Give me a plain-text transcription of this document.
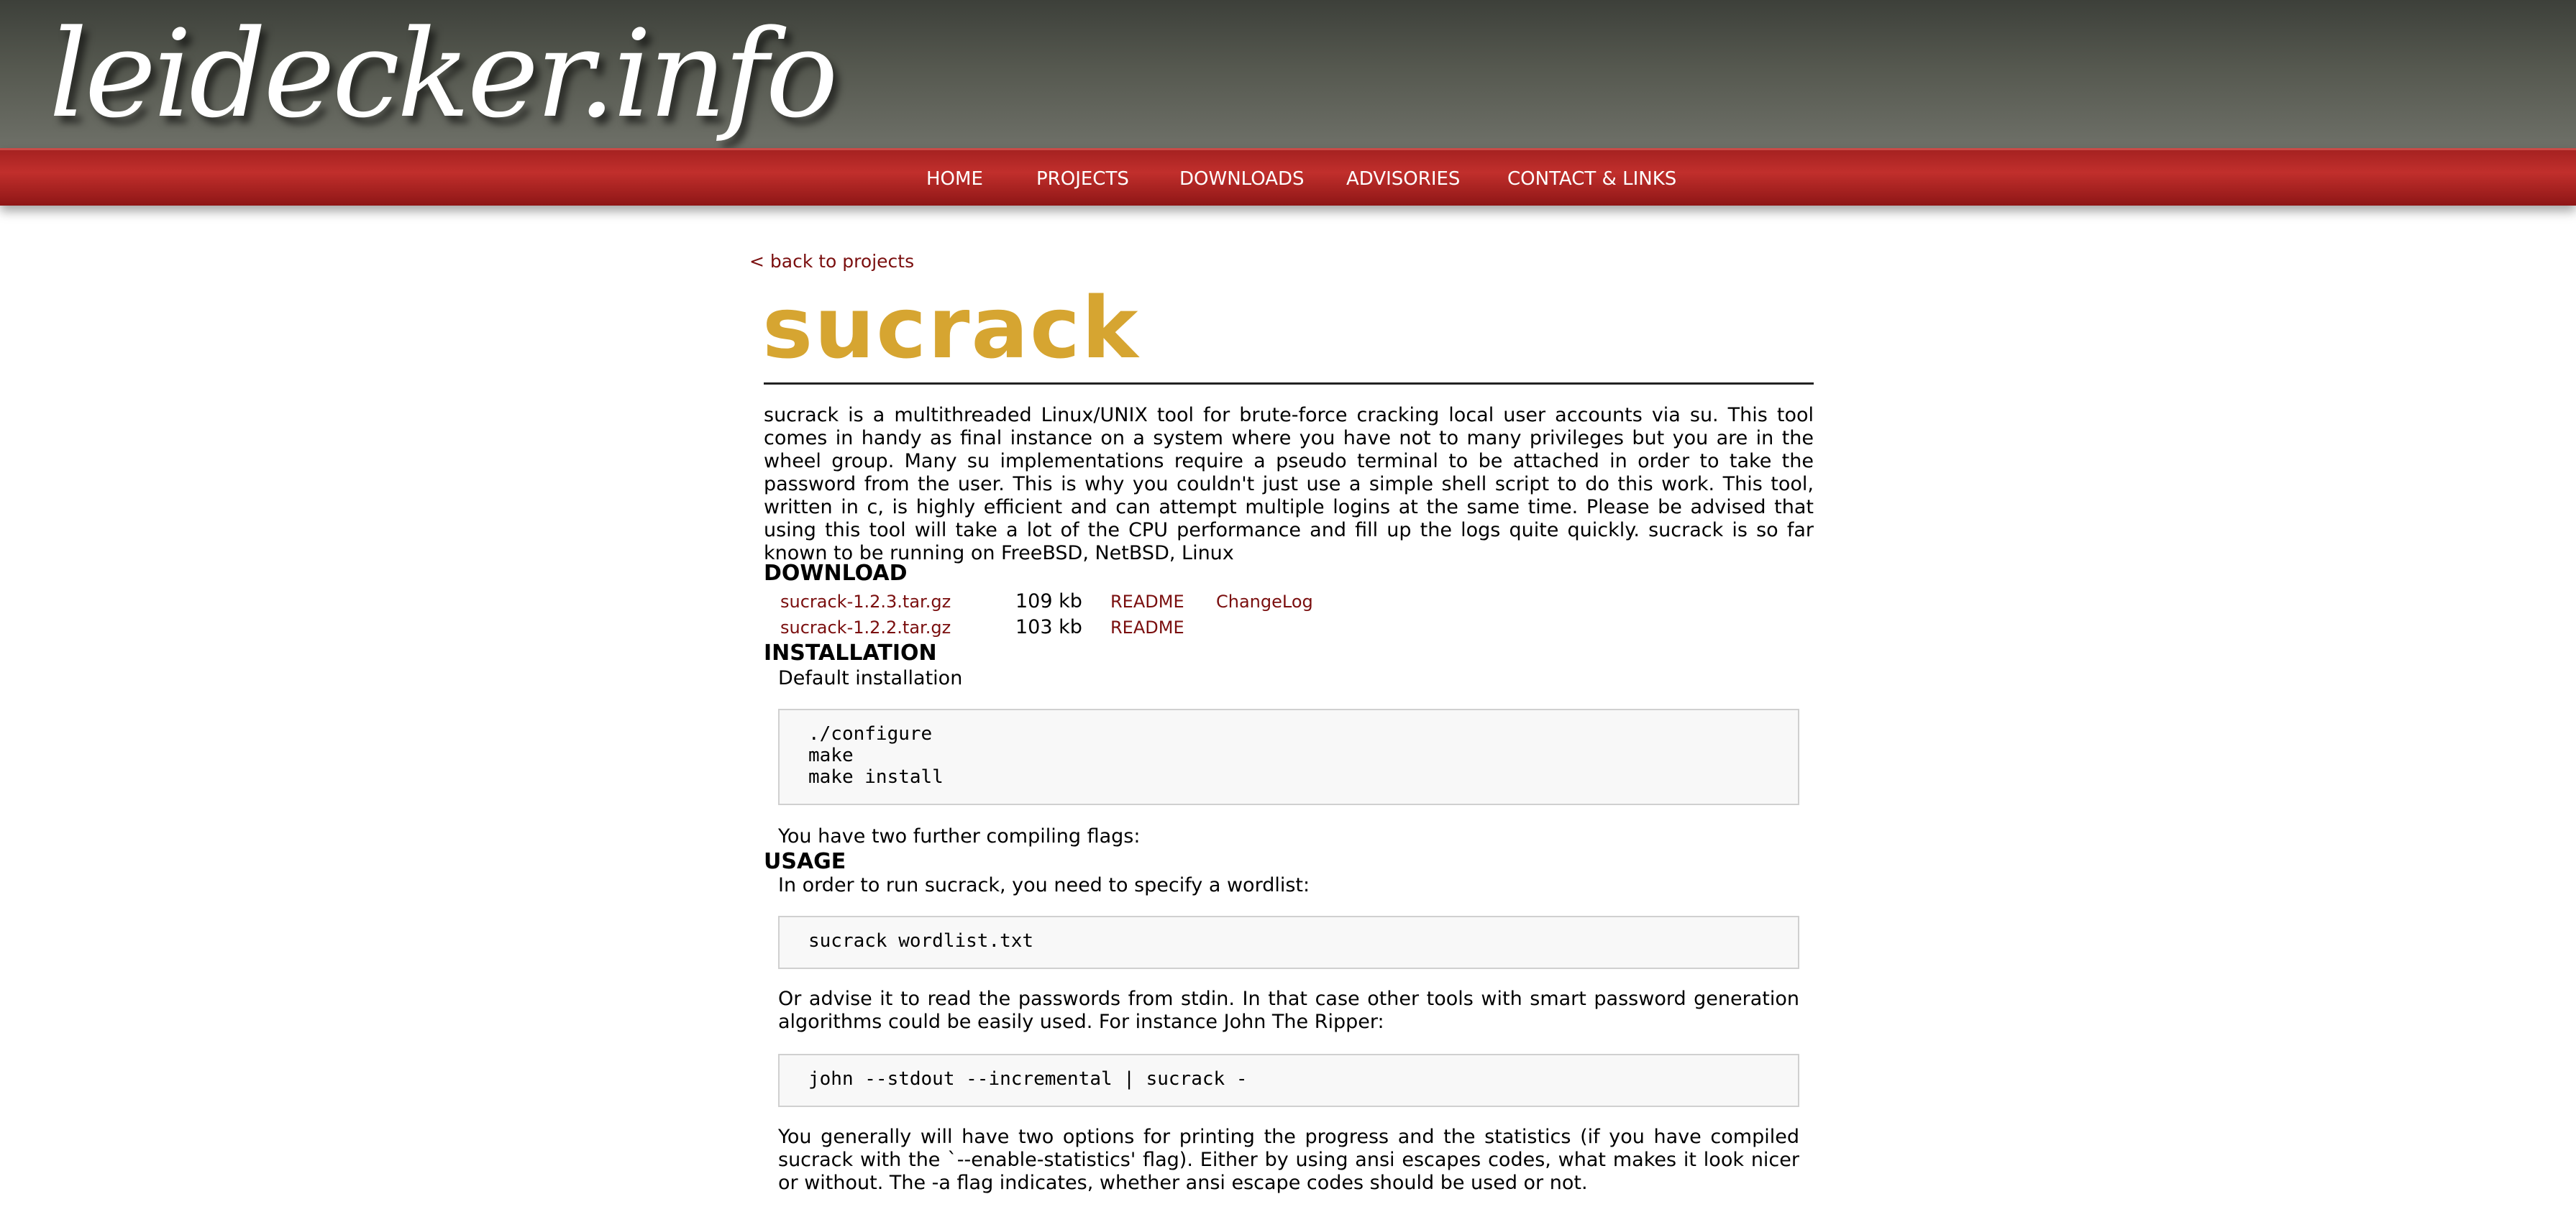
leidecker.info
HOME	PROJECTS	DOWNLOADS ADVISORIES	CONTACT & LINKS
< back to projects
sucrack

sucrack is a multithreaded Linux/UNIX tool for brute-force cracking local user accounts via su. This tool comes in handy as final instance on a system where you have not to many privileges but you are in the wheel group. Many su implementations require a pseudo terminal to be attached in order to take the password from the user. This is why you couldn't just use a simple shell script to do this work. This tool, written in c, is highly efficient and can attempt multiple logins at the same time. Please be advised that using this tool will take a lot of the CPU performance and fill up the logs quite quickly. sucrack is so far known to be running on FreeBSD, NetBSD, Linux

DOWNLOAD
sucrack-1.2.3.tar.gz	109 kb README ChangeLog
sucrack-1.2.2.tar.gz	103 kb README
INSTALLATION

Default installation

./configure
make
make install

You have two further compiling flags:

USAGE

In order to run sucrack, you need to specify a wordlist:

sucrack wordlist.txt

Or advise it to read the passwords from stdin. In that case other tools with smart password generation algorithms could be easily used. For instance John The Ripper:

john --stdout --incremental | sucrack -

You generally will have two options for printing the progress and the statistics (if you have compiled sucrack with the `--enable-statistics' flag). Either by using ansi escapes codes, what makes it look nicer or without. The -a flag indicates, whether ansi escape codes should be used or not.
